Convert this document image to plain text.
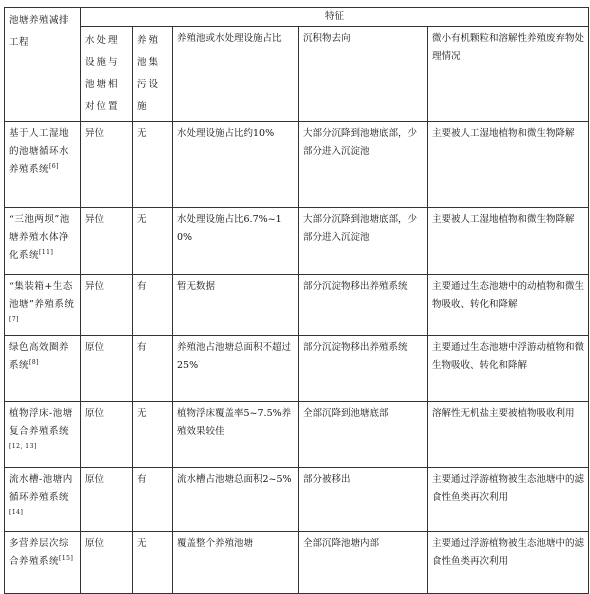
池塘养殖减排工程	特征				
	水处理设施与池塘相对位置	养殖池集污设施	养殖池或水处理设施占比	沉积物去向	微小有机颗粒和溶解性养殖废弃物处理情况
基于人工湿地的池塘循环水养殖系统[6]	异位	无	水处理设施占比约10%	大部分沉降到池塘底部，少部分进入沉淀池	主要被人工湿地植物和微生物降解
“三池两坝”池塘养殖水体净化系统[11]	异位	无	水处理设施占比6.7%~10%	大部分沉降到池塘底部，少部分进入沉淀池	主要被人工湿地植物和微生物降解
“集装箱+生态池塘”养殖系统[7]	异位	有	暂无数据	部分沉淀物移出养殖系统	主要通过生态池塘中的动植物和微生物吸收、转化和降解
绿色高效圈养系统[8]	原位	有	养殖池占池塘总面积不超过25%	部分沉淀物移出养殖系统	主要通过生态池塘中浮游动植物和微生物吸收、转化和降解
植物浮床-池塘复合养殖系统[12, 13]	原位	无	植物浮床覆盖率5~7.5%养殖效果较佳	全部沉降到池塘底部	溶解性无机盐主要被植物吸收利用
流水槽-池塘内循环养殖系统[14]	原位	有	流水槽占池塘总面积2~5%	部分被移出	主要通过浮游植物被生态池塘中的滤食性鱼类再次利用
多营养层次综合养殖系统[15]	原位	无	覆盖整个养殖池塘	全部沉降池塘内部	主要通过浮游植物被生态池塘中的滤食性鱼类再次利用
